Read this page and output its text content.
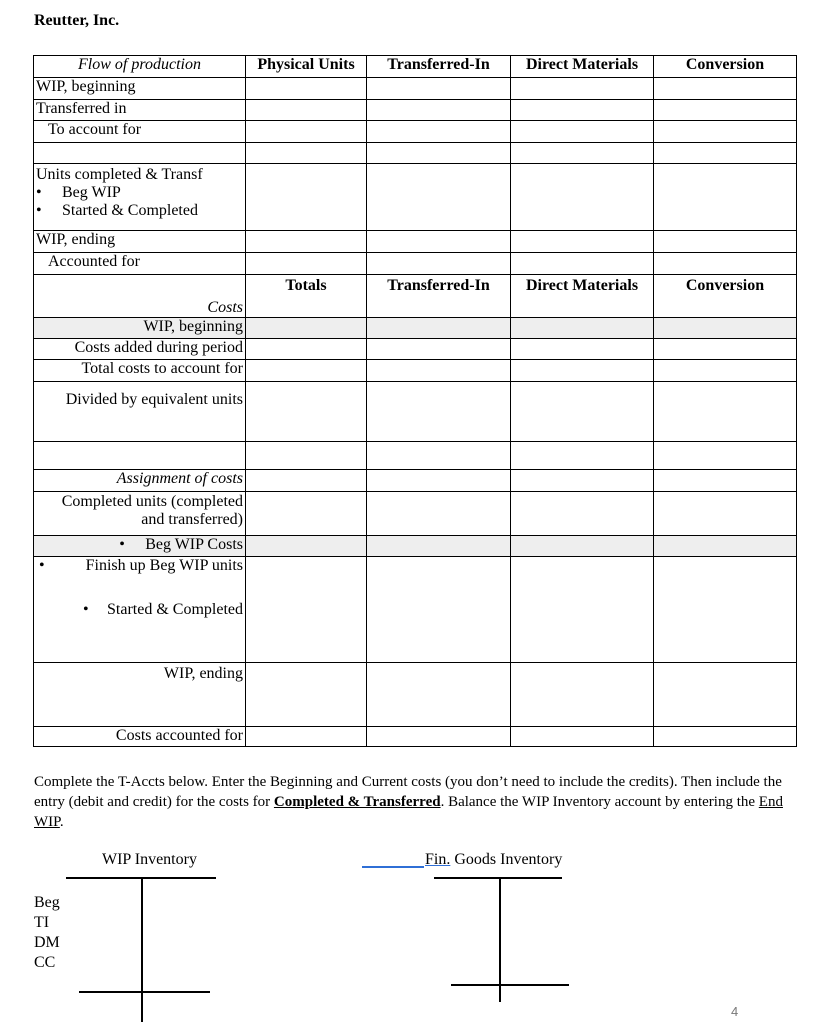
Reutter, Inc.
Flow of production	Physical Units	Transferred-In	Direct Materials	Conversion
WIP, beginning				
Transferred in				
To account for				

Units completed & Transf
• Beg WIP
• Started & Completed				

WIP, ending				
Accounted for				
Costs	Totals	Transferred-In	Direct Materials	Conversion
WIP, beginning				
Costs added during period				
Total costs to account for				
Divided by equivalent units				

Assignment of costs				

Completed units (completed
and transferred)				

• Beg WIP Costs				

• Finish up Beg WIP units
• Started & Completed				

WIP, ending				
Costs accounted for				
Complete the T-Accts below. Enter the Beginning and Current costs (you don’t need to include the credits). Then include the entry (debit and credit) for the costs for Completed & Transferred. Balance the WIP Inventory account by entering the End WIP.
WIP Inventory
Beg
TI
DM
CC
Fin. Goods Inventory
4
